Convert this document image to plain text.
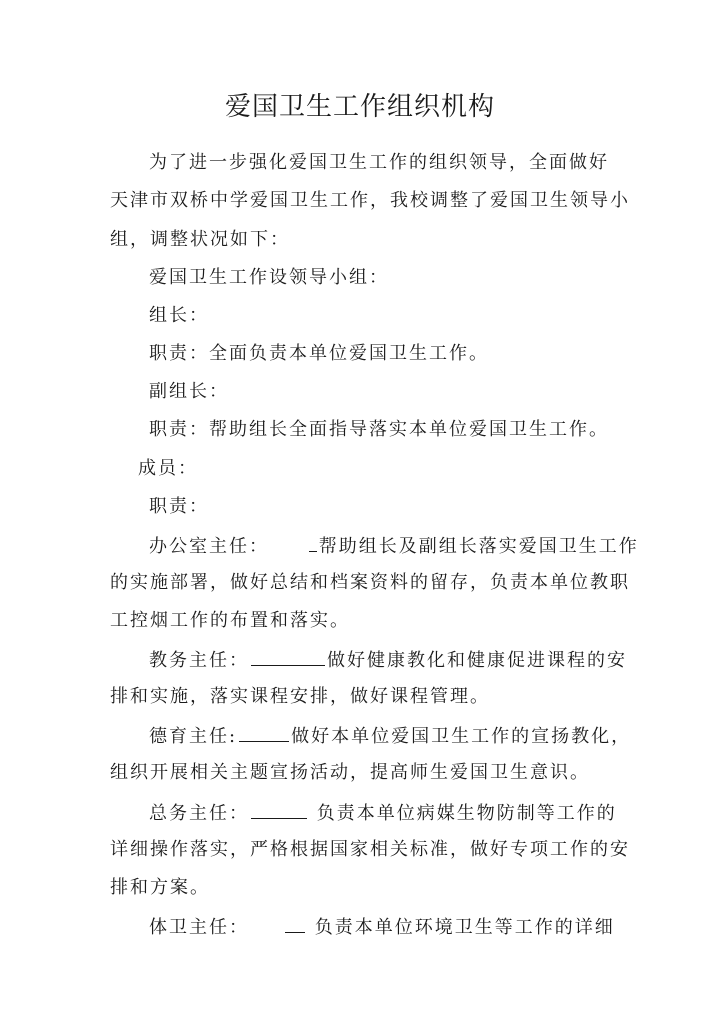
爱国卫生工作组织机构
为了进一步强化爱国卫生工作的组织领导，全面做好
天津市双桥中学爱国卫生工作，我校调整了爱国卫生领导小
组，调整状况如下：
爱国卫生工作设领导小组：
组长：
职责：全面负责本单位爱国卫生工作。
副组长：
职责：帮助组长全面指导落实本单位爱国卫生工作。
成员：
职责：
办公室主任：	帮助组长及副组长落实爱国卫生工作
的实施部署，做好总结和档案资料的留存，负责本单位教职
工控烟工作的布置和落实。
教务主任：	做好健康教化和健康促进课程的安
排和实施，落实课程安排，做好课程管理。
德育主任:	做好本单位爱国卫生工作的宣扬教化，
组织开展相关主题宣扬活动，提高师生爱国卫生意识。
总务主任：	负责本单位病媒生物防制等工作的
详细操作落实，严格根据国家相关标准，做好专项工作的安
排和方案。
体卫主任：	负责本单位环境卫生等工作的详细
